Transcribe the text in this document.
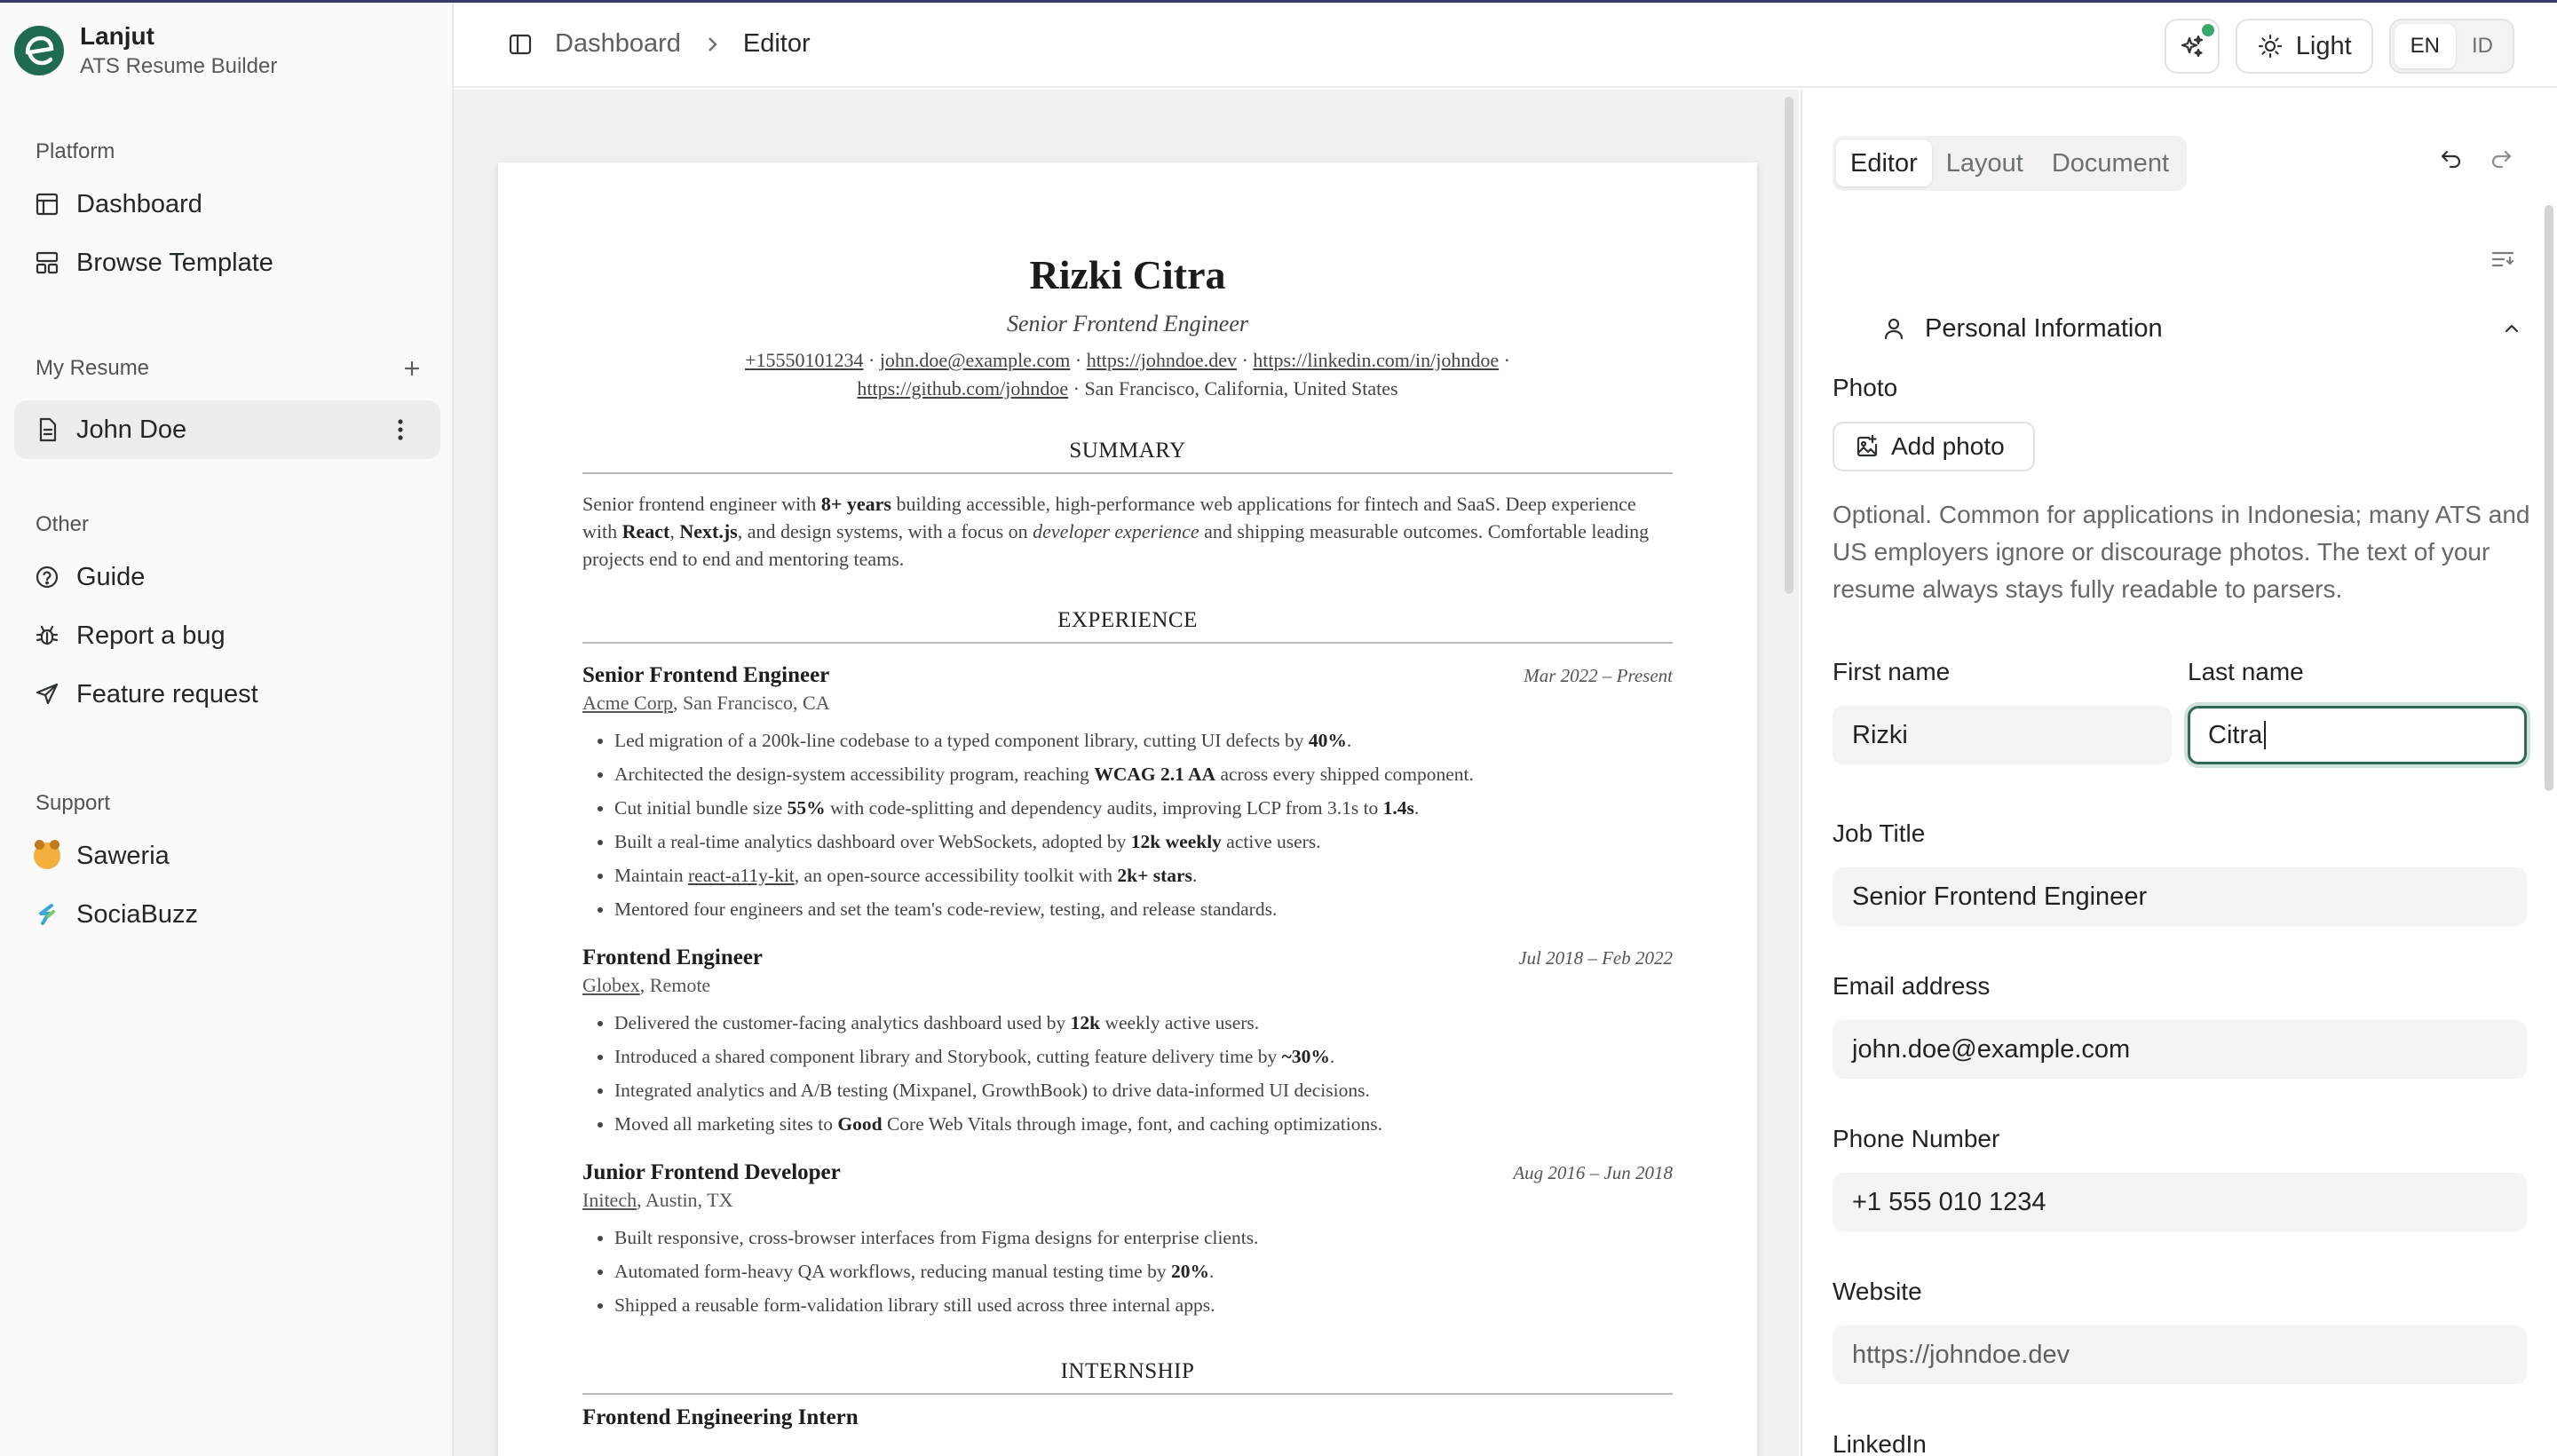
Lanjut
ATS Resume Builder
Platform
Dashboard
Browse Template
My Resume
John Doe
Other
Guide
Report a bug
Feature request
Support
Saweria
SociaBuzz
Dashboard Editor	Light	EN	ID
Rizki Citra
Senior Frontend Engineer
+15550101234 · john.doe@example.com · https://johndoe.dev · https://linkedin.com/in/johndoe ·
https://github.com/johndoe · San Francisco, California, United States
SUMMARY

Senior frontend engineer with 8+ years building accessible, high-performance web applications for fintech and SaaS. Deep experience with React, Next.js, and design systems, with a focus on developer experience and shipping measurable outcomes. Comfortable leading projects end to end and mentoring teams.

EXPERIENCE
Senior Frontend Engineer	Mar 2022 – Present
Acme Corp, San Francisco, CA
• Led migration of a 200k-line codebase to a typed component library, cutting UI defects by 40%.
• Architected the design-system accessibility program, reaching WCAG 2.1 AA across every shipped component.
• Cut initial bundle size 55% with code-splitting and dependency audits, improving LCP from 3.1s to 1.4s.
• Built a real-time analytics dashboard over WebSockets, adopted by 12k weekly active users.
• Maintain react-a11y-kit, an open-source accessibility toolkit with 2k+ stars.
• Mentored four engineers and set the team's code-review, testing, and release standards.
Frontend Engineer	Jul 2018 – Feb 2022
Globex, Remote
• Delivered the customer-facing analytics dashboard used by 12k weekly active users.
• Introduced a shared component library and Storybook, cutting feature delivery time by ~30%.
• Integrated analytics and A/B testing (Mixpanel, GrowthBook) to drive data-informed UI decisions.
• Moved all marketing sites to Good Core Web Vitals through image, font, and caching optimizations.
Junior Frontend Developer	Aug 2016 – Jun 2018
Initech, Austin, TX
• Built responsive, cross-browser interfaces from Figma designs for enterprise clients.
• Automated form-heavy QA workflows, reducing manual testing time by 20%.
• Shipped a reusable form-validation library still used across three internal apps.
INTERNSHIP
Frontend Engineering Intern
Editor	Layout	Document
Personal Information
Photo
Add photo

Optional. Common for applications in Indonesia; many ATS and US employers ignore or discourage photos. The text of your resume always stays fully readable to parsers.

First name
Rizki
Last name
Citra
Job Title
Senior Frontend Engineer
Email address
john.doe@example.com
Phone Number
+1 555 010 1234
Website
https://johndoe.dev
LinkedIn
